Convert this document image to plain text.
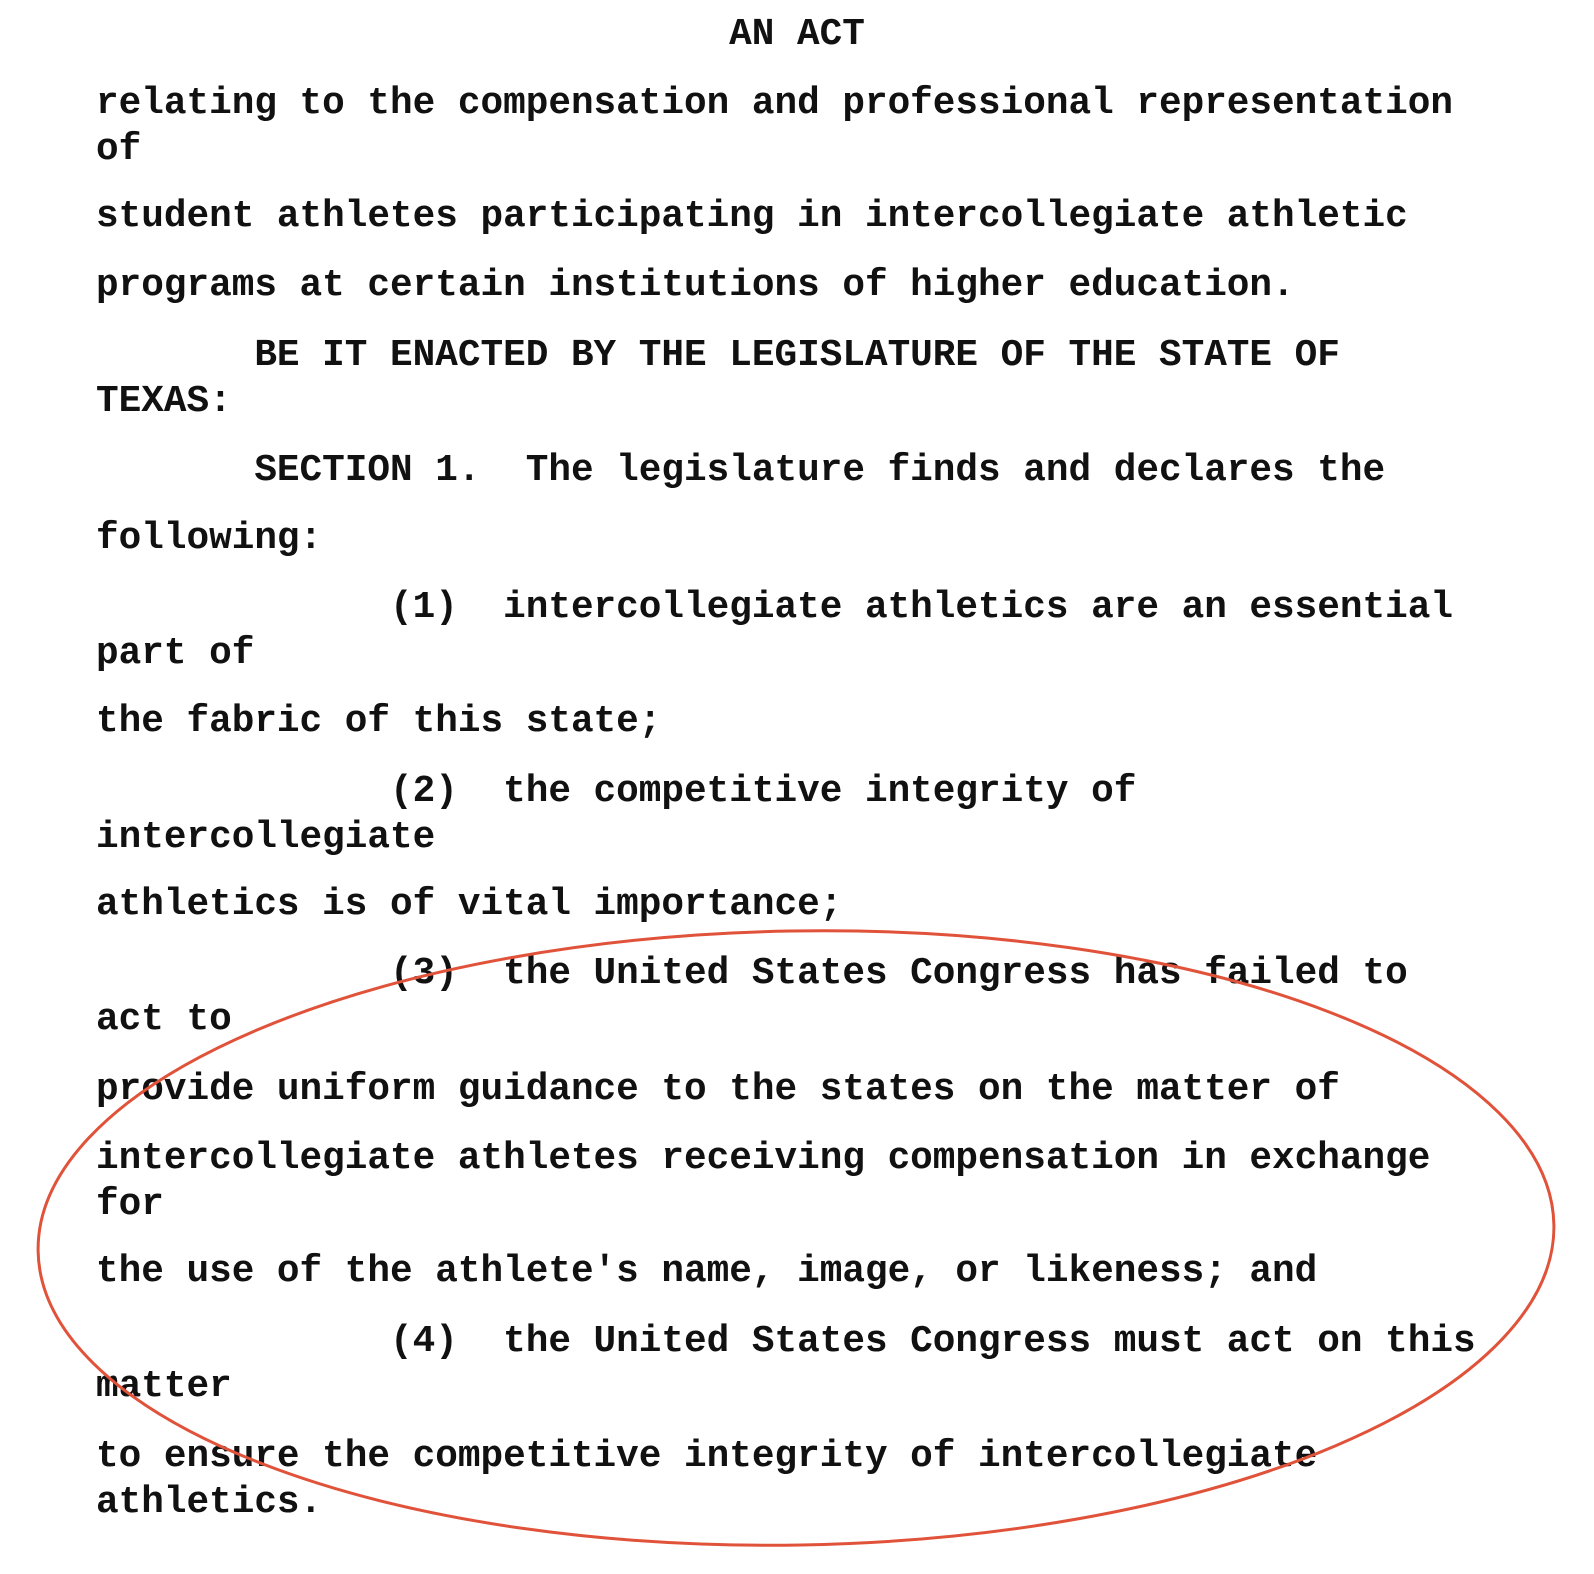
AN ACT

relating to the compensation and professional representation

of

student athletes participating in intercollegiate athletic

programs at certain institutions of higher education.

BE IT ENACTED BY THE LEGISLATURE OF THE STATE OF

TEXAS:

SECTION 1.  The legislature finds and declares the

following:

(1)  intercollegiate athletics are an essential

part of

the fabric of this state;

(2)  the competitive integrity of

intercollegiate

athletics is of vital importance;

(3)  the United States Congress has failed to

act to

provide uniform guidance to the states on the matter of

intercollegiate athletes receiving compensation in exchange

for

the use of the athlete's name, image, or likeness; and

(4)  the United States Congress must act on this

matter

to ensure the competitive integrity of intercollegiate

athletics.
